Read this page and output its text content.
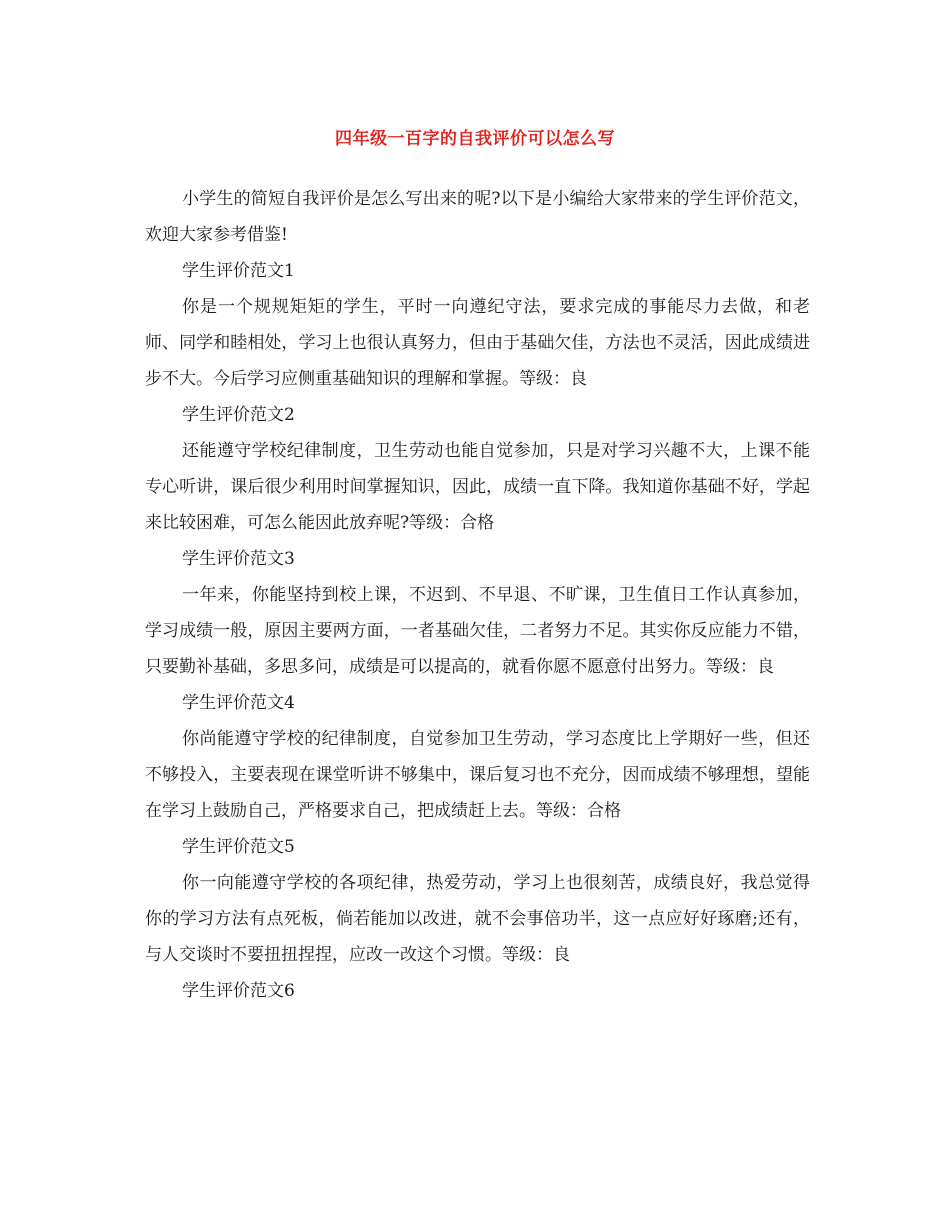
四年级一百字的自我评价可以怎么写

小学生的简短自我评价是怎么写出来的呢?以下是小编给大家带来的学生评价范文，欢迎大家参考借鉴!

学生评价范文1

你是一个规规矩矩的学生，平时一向遵纪守法，要求完成的事能尽力去做，和老师、同学和睦相处，学习上也很认真努力，但由于基础欠佳，方法也不灵活，因此成绩进步不大。今后学习应侧重基础知识的理解和掌握。等级：良

学生评价范文2

还能遵守学校纪律制度，卫生劳动也能自觉参加，只是对学习兴趣不大，上课不能专心听讲，课后很少利用时间掌握知识，因此，成绩一直下降。我知道你基础不好，学起来比较困难，可怎么能因此放弃呢?等级：合格

学生评价范文3

一年来，你能坚持到校上课，不迟到、不早退、不旷课，卫生值日工作认真参加，学习成绩一般，原因主要两方面，一者基础欠佳，二者努力不足。其实你反应能力不错，只要勤补基础，多思多问，成绩是可以提高的，就看你愿不愿意付出努力。等级：良

学生评价范文4

你尚能遵守学校的纪律制度，自觉参加卫生劳动，学习态度比上学期好一些，但还不够投入，主要表现在课堂听讲不够集中，课后复习也不充分，因而成绩不够理想，望能在学习上鼓励自己，严格要求自己，把成绩赶上去。等级：合格

学生评价范文5

你一向能遵守学校的各项纪律，热爱劳动，学习上也很刻苦，成绩良好，我总觉得你的学习方法有点死板，倘若能加以改进，就不会事倍功半，这一点应好好琢磨;还有，与人交谈时不要扭扭捏捏，应改一改这个习惯。等级：良

学生评价范文6
